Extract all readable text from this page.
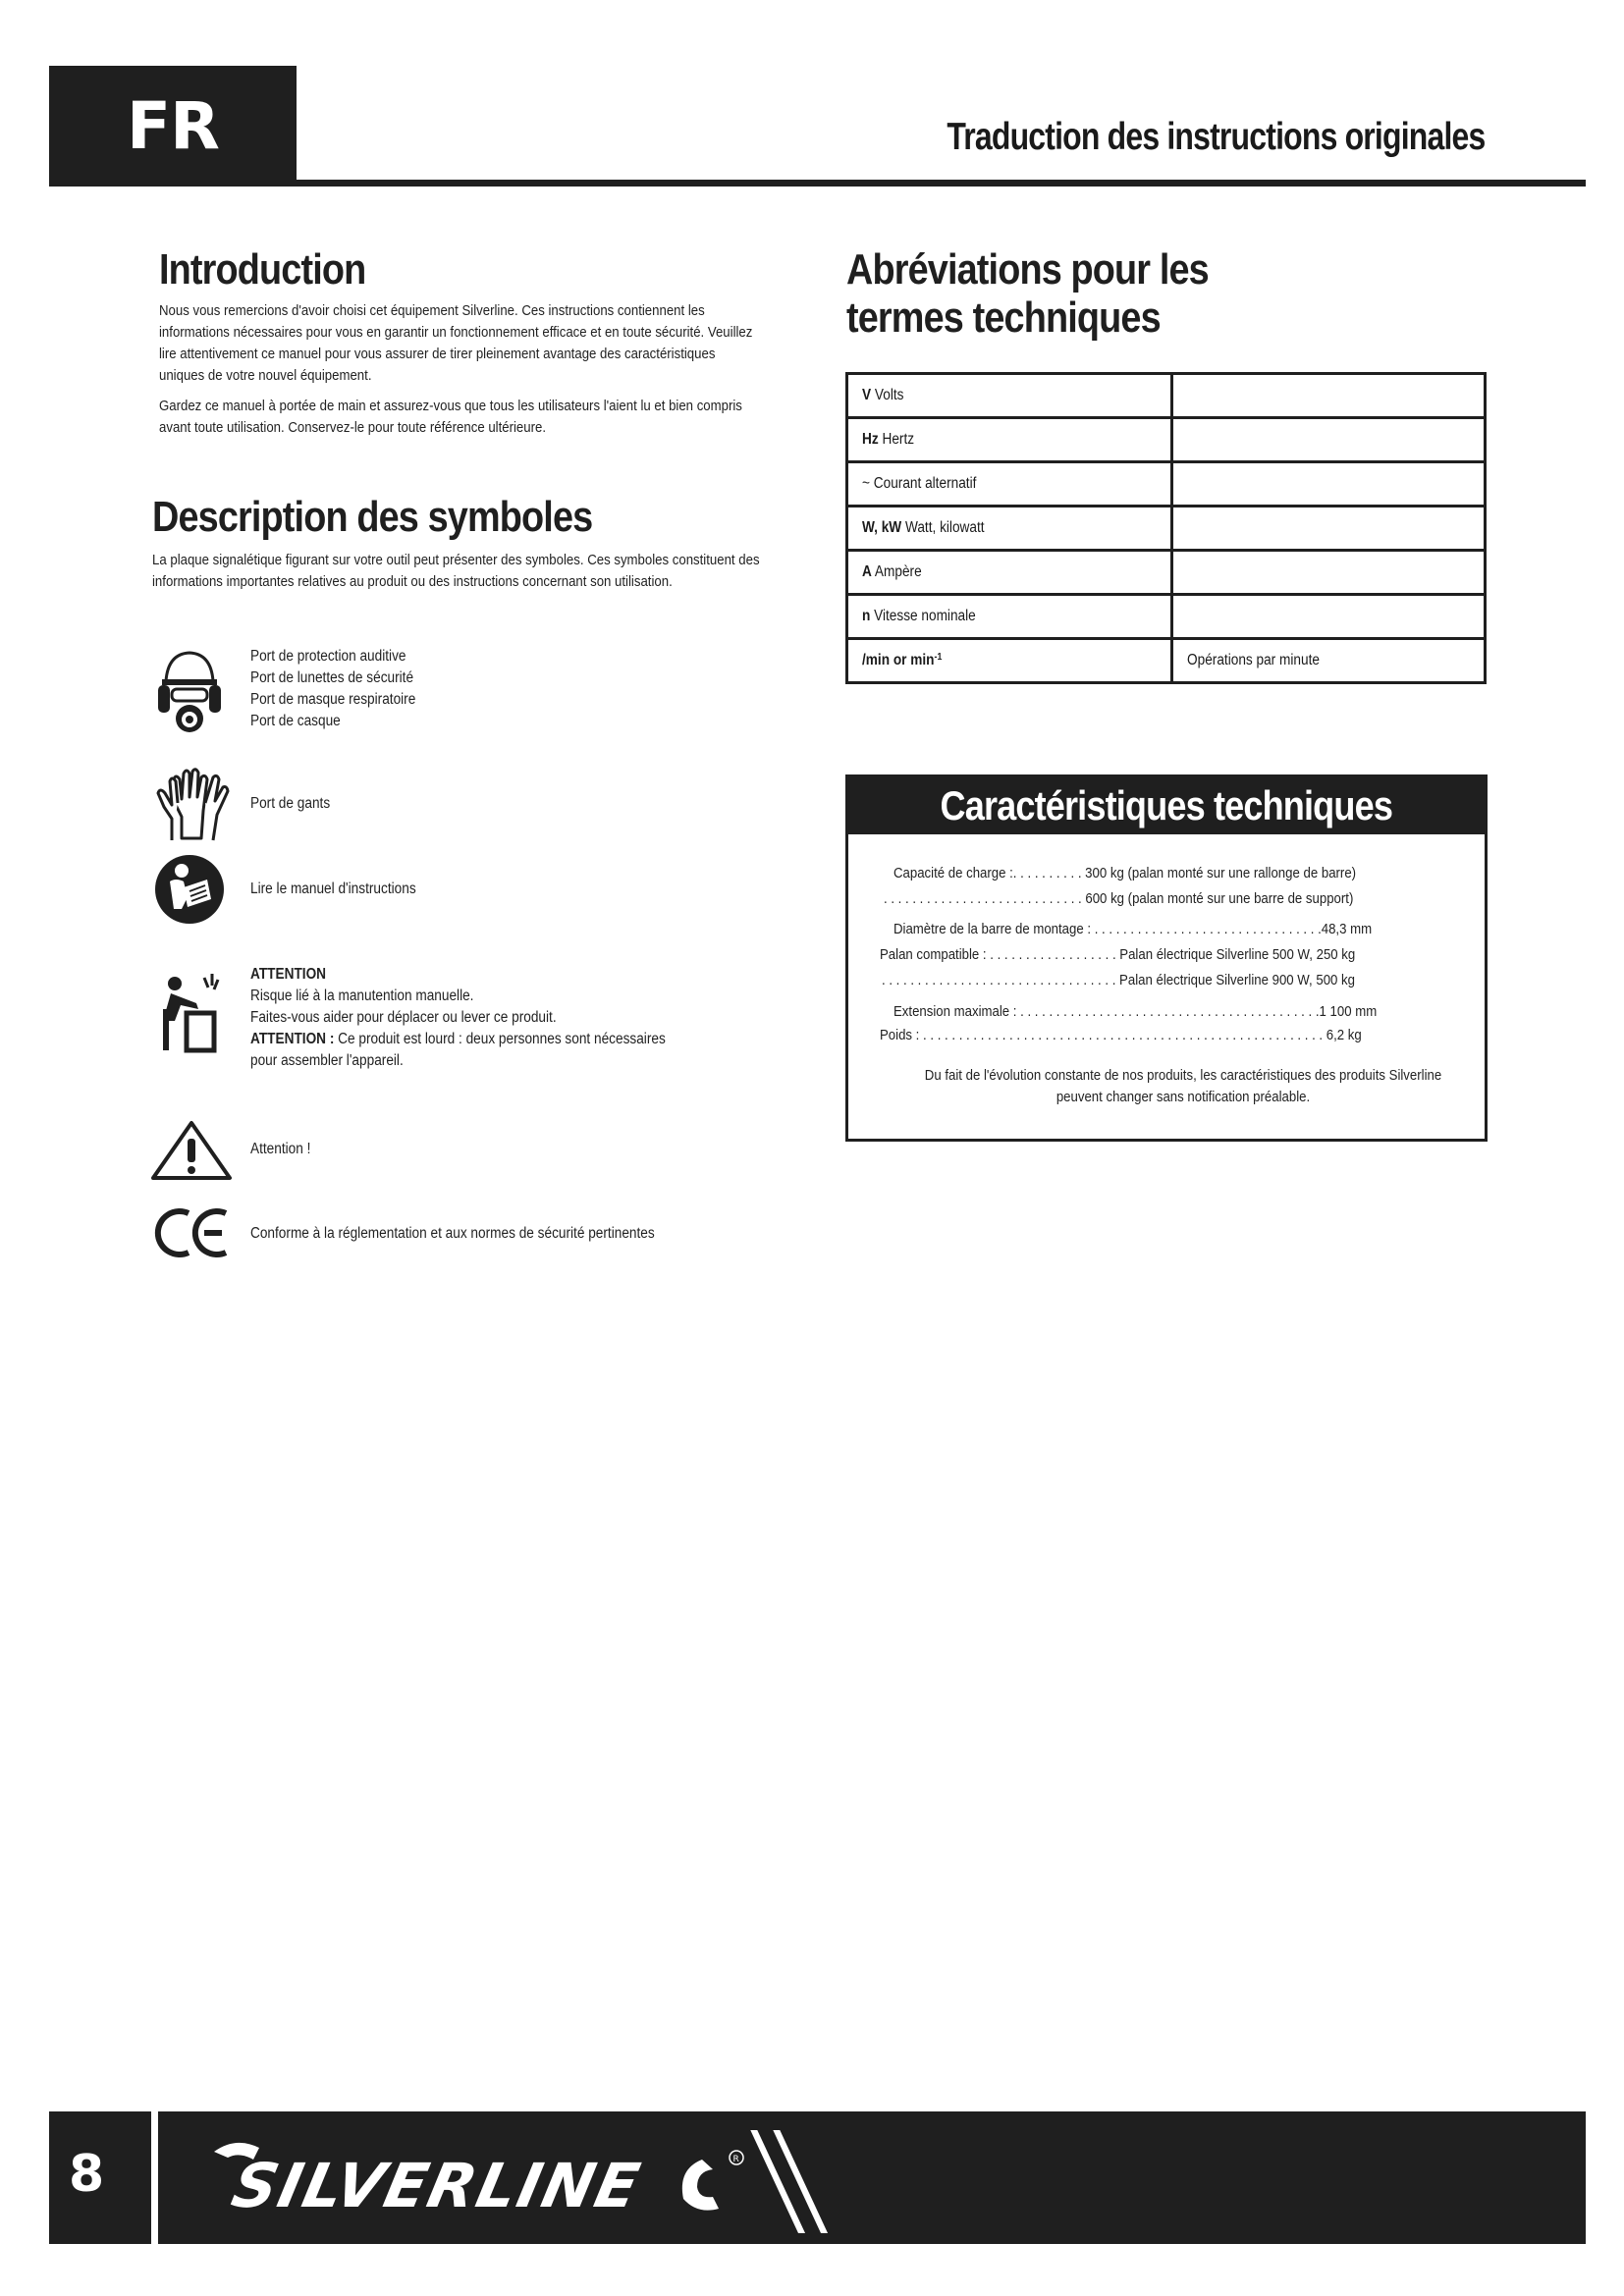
FR	Traduction des instructions originales
Introduction

Nous vous remercions d'avoir choisi cet équipement Silverline. Ces instructions contiennent les informations nécessaires pour vous en garantir un fonctionnement efficace et en toute sécurité. Veuillez lire attentivement ce manuel pour vous assurer de tirer pleinement avantage des caractéristiques uniques de votre nouvel équipement.

Gardez ce manuel à portée de main et assurez-vous que tous les utilisateurs l'aient lu et bien compris avant toute utilisation. Conservez-le pour toute référence ultérieure.

Description des symboles

La plaque signalétique figurant sur votre outil peut présenter des symboles. Ces symboles constituent des informations importantes relatives au produit ou des instructions concernant son utilisation.

Port de protection auditive
Port de lunettes de sécurité
Port de masque respiratoire
Port de casque
Port de gants
Lire le manuel d'instructions
ATTENTION
Risque lié à la manutention manuelle.
Faites-vous aider pour déplacer ou lever ce produit.
ATTENTION : Ce produit est lourd : deux personnes sont nécessaires
pour assembler l'appareil.
Attention !
Conforme à la réglementation et aux normes de sécurité pertinentes
Abréviations pour les
termes techniques
V Volts	
Hz Hertz	
~ Courant alternatif	
W, kW Watt, kilowatt	
A Ampère	
n Vitesse nominale	
/min or $\min^{-1}$	Opérations par minute
Caractéristiques techniques
Capacité de charge :. . . . . . . . . . 300 kg (palan monté sur une rallonge de barre)
. . . . . . . . . . . . . . . . . . . . . . . . . . . . 600 kg (palan monté sur une barre de support)
Diamètre de la barre de montage : . . . . . . . . . . . . . . . . . . . . . . . . . . . . . . . .48,3 mm
Palan compatible : . . . . . . . . . . . . . . . . . . Palan électrique Silverline 500 W, 250 kg
. . . . . . . . . . . . . . . . . . . . . . . . . . . . . . . . . Palan électrique Silverline 900 W, 500 kg
Extension maximale : . . . . . . . . . . . . . . . . . . . . . . . . . . . . . . . . . . . . . . . . . .1 100 mm
Poids : . . . . . . . . . . . . . . . . . . . . . . . . . . . . . . . . . . . . . . . . . . . . . . . . . . . . . . . . 6,2 kg
Du fait de l'évolution constante de nos produits, les caractéristiques des produits Silverline peuvent changer sans notification préalable.
8 SILVERLINE	R
